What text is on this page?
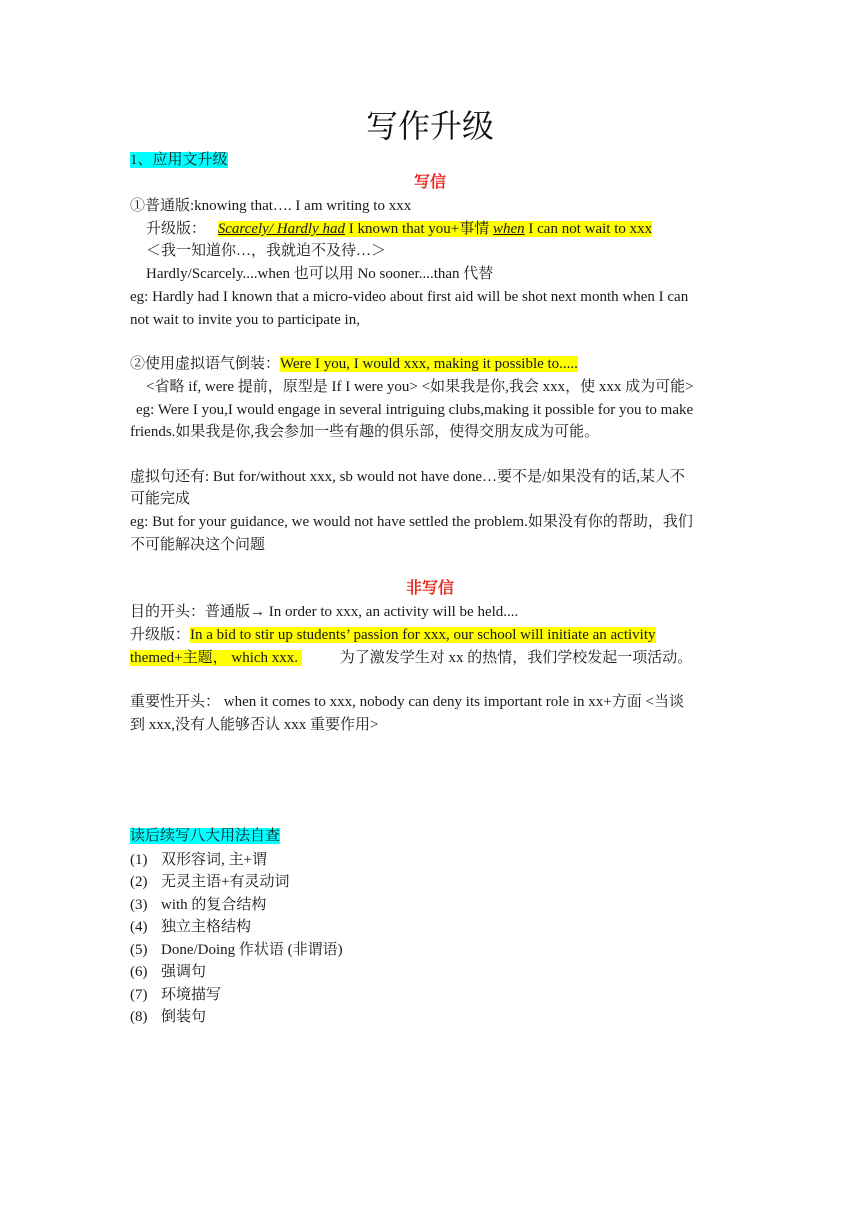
写作升级
1、应用文升级
写信
①普通版:knowing that…. I am writing to xxx
升级版： Scarcely/ Hardly had I known that you+事情 when I can not wait to xxx
＜我一知道你…，我就迫不及待…＞
Hardly/Scarcely....when 也可以用 No sooner....than 代替
eg: Hardly had I known that a micro-video about first aid will be shot next month when I can
not wait to invite you to participate in,
②使用虚拟语气倒装：Were I you, I would xxx, making it possible to.....
<省略 if, were 提前，原型是 If I were you> <如果我是你,我会 xxx，使 xxx 成为可能>
eg: Were I you,I would engage in several intriguing clubs,making it possible for you to make
friends.如果我是你,我会参加一些有趣的俱乐部，使得交朋友成为可能。
虚拟句还有: But for/without xxx, sb would not have done…要不是/如果没有的话,某人不
可能完成
eg: But for your guidance, we would not have settled the problem.如果没有你的帮助，我们
不可能解决这个问题
非写信
目的开头：普通版→ In order to xxx, an activity will be held....
升级版：In a bid to stir up students’ passion for xxx, our school will initiate an activity
themed+主题， which xxx.	为了激发学生对 xx 的热情，我们学校发起一项活动。
重要性开头： when it comes to xxx, nobody can deny its important role in xx+方面 <当谈
到 xxx,没有人能够否认 xxx 重要作用>
读后续写八大用法自查
(1) 双形容词, 主+谓
(2) 无灵主语+有灵动词
(3) with 的复合结构
(4) 独立主格结构
(5) Done/Doing 作状语 (非谓语)
(6) 强调句
(7) 环境描写
(8) 倒装句
